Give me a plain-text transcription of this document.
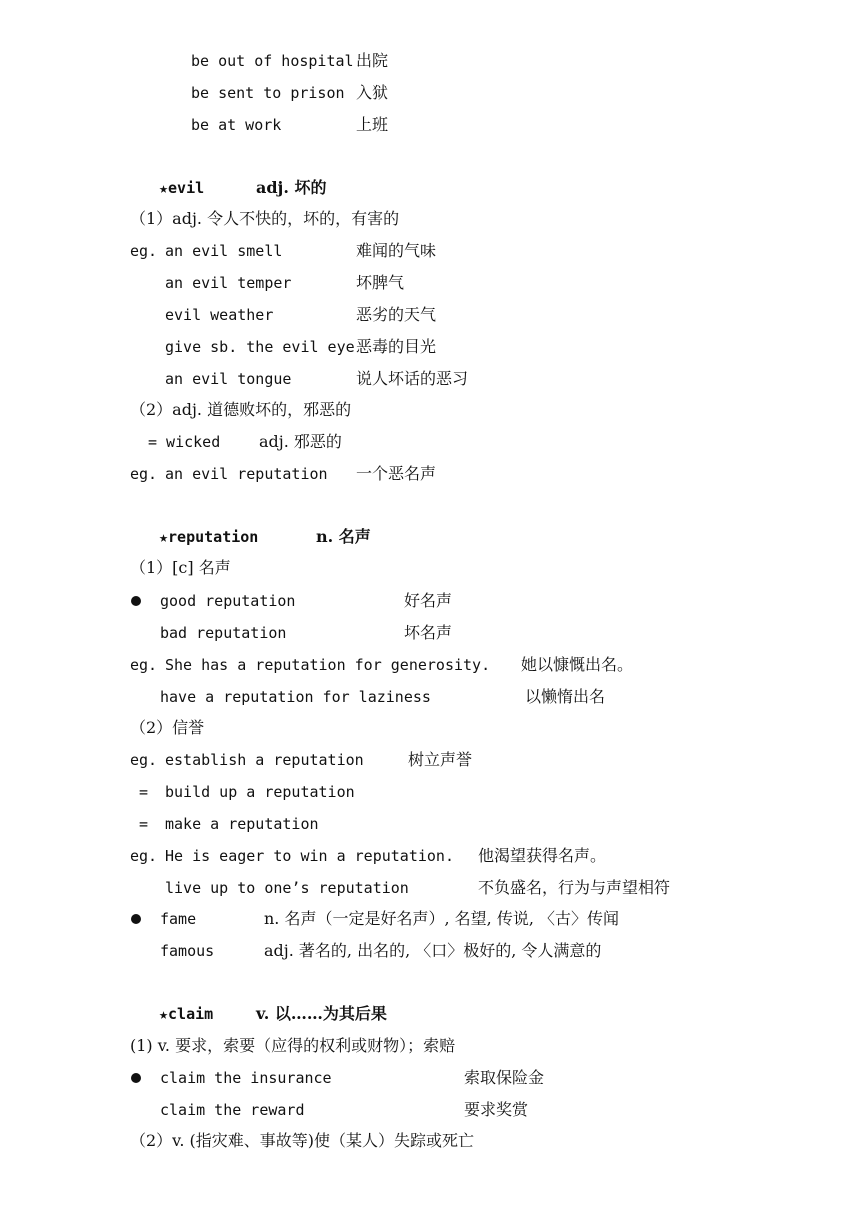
be out of hospital 出院
be sent to prison 入狱
be at work	上班
★evil	adj. 坏的
（1）adj. 令人不快的，坏的，有害的
eg. an evil smell	难闻的气味
an evil temper	坏脾气
evil weather	恶劣的天气
give sb. the evil eye 恶毒的目光
an evil tongue	说人坏话的恶习
（2）adj. 道德败坏的，邪恶的
= wicked adj. 邪恶的
eg. an evil reputation 一个恶名声
★reputation	n. 名声
（1）[c] 名声
good reputation	好名声
bad reputation	坏名声
eg. She has a reputation for generosity. 她以慷慨出名。
have a reputation for laziness	以懒惰出名
（2）信誉
eg. establish a reputation	树立声誉
= build up a reputation
= make a reputation
eg. He is eager to win a reputation. 他渴望获得名声。
live up to one’s reputation	不负盛名，行为与声望相符
fame	n. 名声（一定是好名声）, 名望, 传说, 〈古〉传闻
famous	adj. 著名的, 出名的, 〈口〉极好的, 令人满意的
★claim	v. 以……为其后果
(1) v. 要求，索要（应得的权利或财物）；索赔
claim the insurance	索取保险金
claim the reward	要求奖赏
（2）v. (指灾难、事故等)使（某人）失踪或死亡
